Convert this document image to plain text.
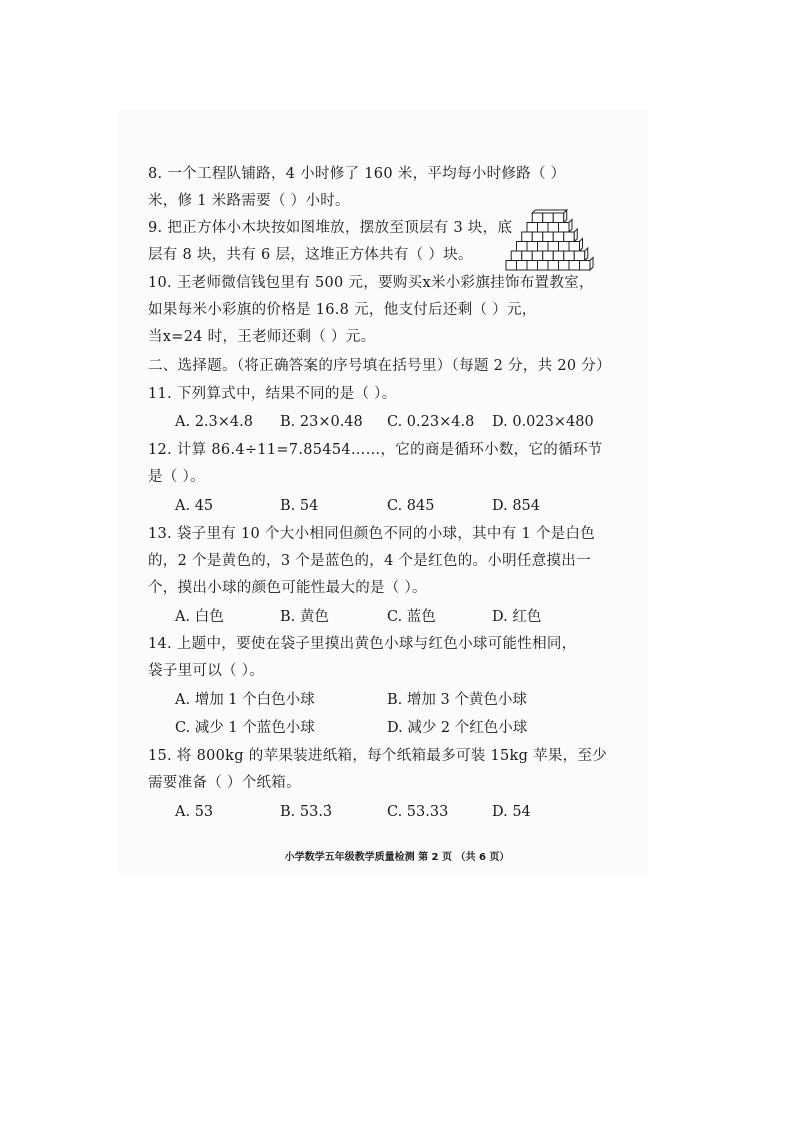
8. 一个工程队铺路，4 小时修了 160 米，平均每小时修路（ ）
米，修 1 米路需要（ ）小时。
9. 把正方体小木块按如图堆放，摆放至顶层有 3 块，底
层有 8 块，共有 6 层，这堆正方体共有（ ）块。
10. 王老师微信钱包里有 500 元，要购买x米小彩旗挂饰布置教室，
如果每米小彩旗的价格是 16.8 元，他支付后还剩（ ）元，
当x=24 时，王老师还剩（ ）元。
二、选择题。（将正确答案的序号填在括号里）（每题 2 分，共 20 分）
11. 下列算式中，结果不同的是（ ）。
A. 2.3×4.8 B. 23×0.48 C. 0.23×4.8 D. 0.023×480
12. 计算 86.4÷11=7.85454……，它的商是循环小数，它的循环节
是（ ）。
A. 45	B. 54	C. 845	D. 854
13. 袋子里有 10 个大小相同但颜色不同的小球，其中有 1 个是白色
的，2 个是黄色的，3 个是蓝色的，4 个是红色的。小明任意摸出一
个，摸出小球的颜色可能性最大的是（ ）。
A. 白色	B. 黄色	C. 蓝色	D. 红色
14. 上题中，要使在袋子里摸出黄色小球与红色小球可能性相同，
袋子里可以（ ）。
A. 增加 1 个白色小球	B. 增加 3 个黄色小球
C. 减少 1 个蓝色小球	D. 减少 2 个红色小球
15. 将 800kg 的苹果装进纸箱，每个纸箱最多可装 15kg 苹果，至少
需要准备（ ）个纸箱。
A. 53	B. 53.3̇	C. 53.33	D. 54
小学数学五年级教学质量检测 第 2 页 （共 6 页）
